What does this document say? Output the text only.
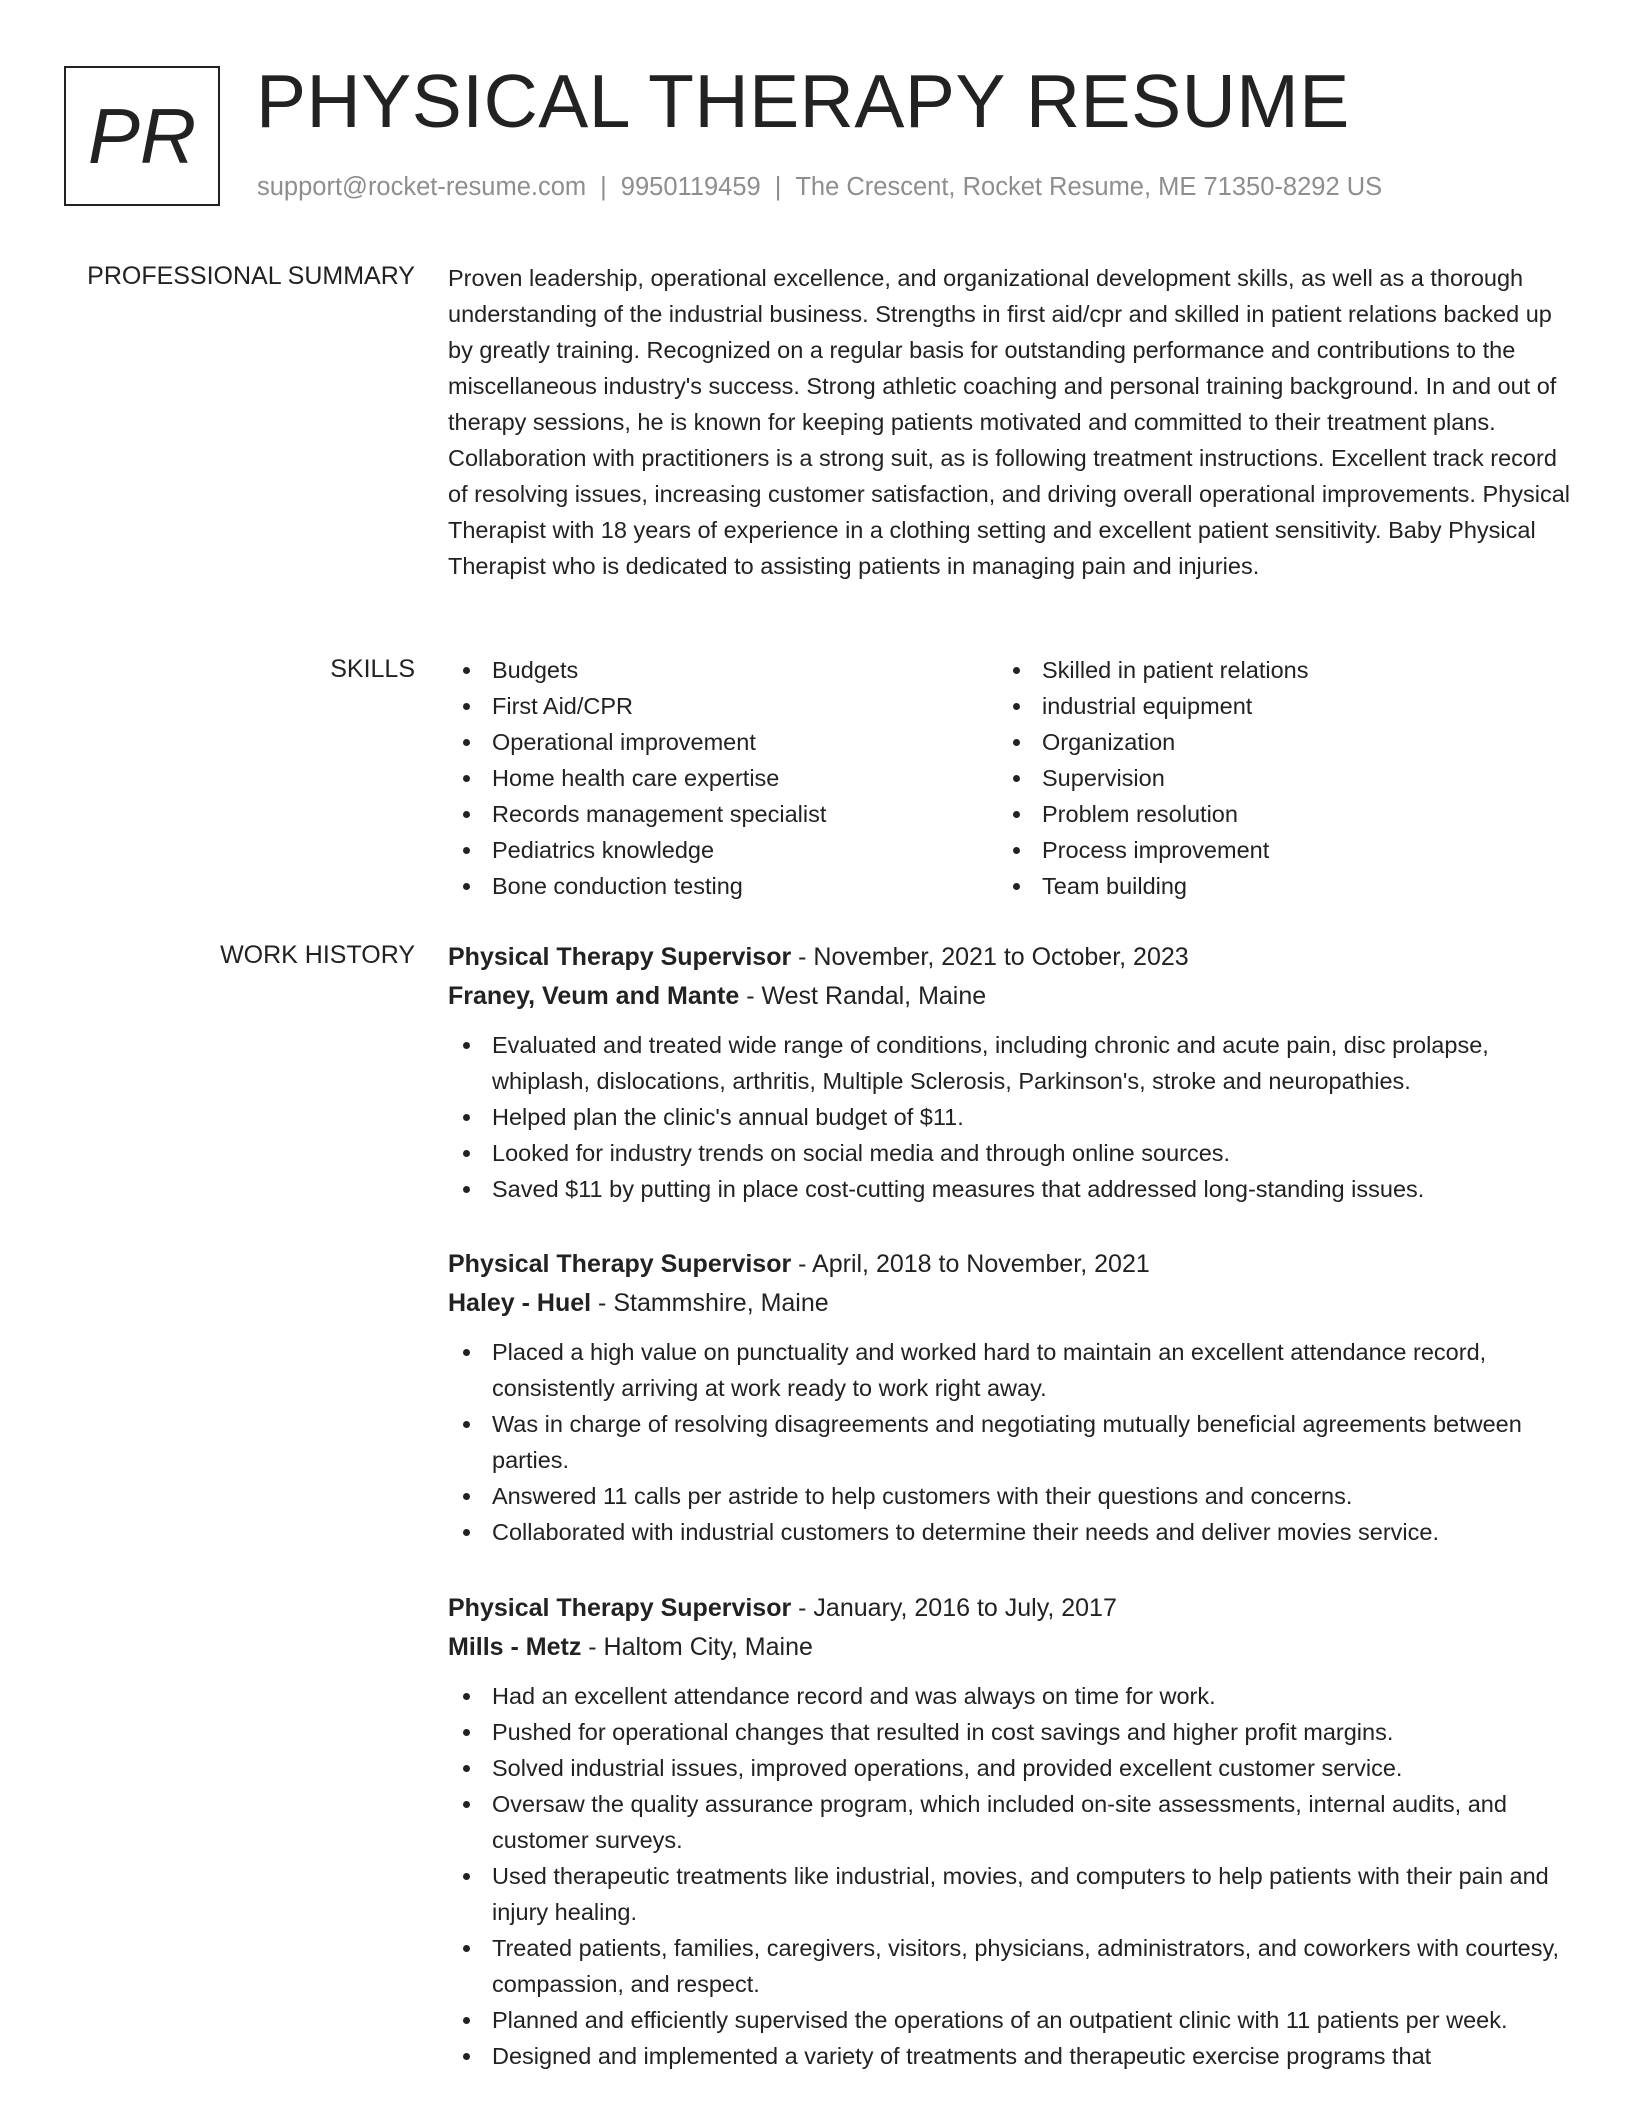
PR PHYSICAL THERAPY RESUME
support@rocket-resume.com | 9950119459 | The Crescent, Rocket Resume, ME 71350-8292 US
PROFESSIONAL SUMMARY Proven leadership, operational excellence, and organizational development skills, as well as a thorough understanding of the industrial business. Strengths in first aid/cpr and skilled in patient relations backed up by greatly training. Recognized on a regular basis for outstanding performance and contributions to the miscellaneous industry's success. Strong athletic coaching and personal training background. In and out of therapy sessions, he is known for keeping patients motivated and committed to their treatment plans. Collaboration with practitioners is a strong suit, as is following treatment instructions. Excellent track record of resolving issues, increasing customer satisfaction, and driving overall operational improvements. Physical Therapist with 18 years of experience in a clothing setting and excellent patient sensitivity. Baby Physical Therapist who is dedicated to assisting patients in managing pain and injuries.

SKILLS	Budgets
First Aid/CPR
Operational improvement
Home health care expertise
Records management specialist
Pediatrics knowledge
Bone conduction testing
Skilled in patient relations
industrial equipment
Organization
Supervision
Problem resolution
Process improvement
Team building
WORK HISTORY Physical Therapy Supervisor - November, 2021 to October, 2023
Franey, Veum and Mante - West Randal, Maine
Evaluated and treated wide range of conditions, including chronic and acute pain, disc prolapse, whiplash, dislocations, arthritis, Multiple Sclerosis, Parkinson's, stroke and neuropathies.
Helped plan the clinic's annual budget of $11.
Looked for industry trends on social media and through online sources.
Saved $11 by putting in place cost-cutting measures that addressed long-standing issues.
Physical Therapy Supervisor - April, 2018 to November, 2021
Haley - Huel - Stammshire, Maine
Placed a high value on punctuality and worked hard to maintain an excellent attendance record, consistently arriving at work ready to work right away.
Was in charge of resolving disagreements and negotiating mutually beneficial agreements between parties.
Answered 11 calls per astride to help customers with their questions and concerns.
Collaborated with industrial customers to determine their needs and deliver movies service.
Physical Therapy Supervisor - January, 2016 to July, 2017
Mills - Metz - Haltom City, Maine
Had an excellent attendance record and was always on time for work.
Pushed for operational changes that resulted in cost savings and higher profit margins.
Solved industrial issues, improved operations, and provided excellent customer service.
Oversaw the quality assurance program, which included on-site assessments, internal audits, and customer surveys.
Used therapeutic treatments like industrial, movies, and computers to help patients with their pain and injury healing.
Treated patients, families, caregivers, visitors, physicians, administrators, and coworkers with courtesy, compassion, and respect.
Planned and efficiently supervised the operations of an outpatient clinic with 11 patients per week.
Designed and implemented a variety of treatments and therapeutic exercise programs that
